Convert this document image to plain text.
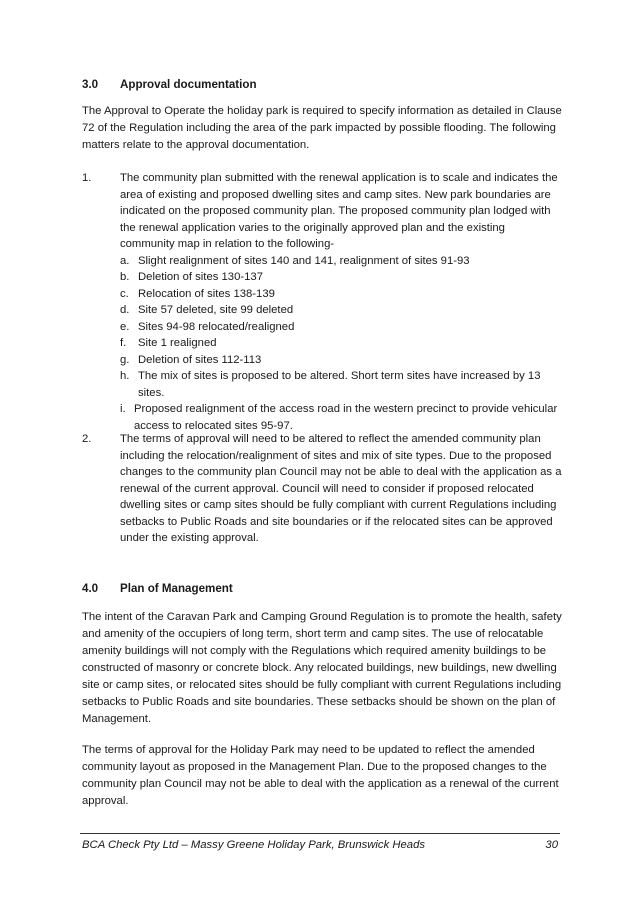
3.0 Approval documentation
The Approval to Operate the holiday park is required to specify information as detailed in Clause 72 of the Regulation including the area of the park impacted by possible flooding. The following matters relate to the approval documentation.
1.	The community plan submitted with the renewal application is to scale and indicates the area of existing and proposed dwelling sites and camp sites. New park boundaries are indicated on the proposed community plan. The proposed community plan lodged with the renewal application varies to the originally approved plan and the existing community map in relation to the following-
a. Slight realignment of sites 140 and 141, realignment of sites 91-93
b. Deletion of sites 130-137
c. Relocation of sites 138-139
d. Site 57 deleted, site 99 deleted
e. Sites 94-98 relocated/realigned
f. Site 1 realigned
g. Deletion of sites 112-113
h. The mix of sites is proposed to be altered. Short term sites have increased by 13 sites.
i. Proposed realignment of the access road in the western precinct to provide vehicular access to relocated sites 95-97.
2.	The terms of approval will need to be altered to reflect the amended community plan including the relocation/realignment of sites and mix of site types. Due to the proposed changes to the community plan Council may not be able to deal with the application as a renewal of the current approval. Council will need to consider if proposed relocated dwelling sites or camp sites should be fully compliant with current Regulations including setbacks to Public Roads and site boundaries or if the relocated sites can be approved under the existing approval.
4.0 Plan of Management
The intent of the Caravan Park and Camping Ground Regulation is to promote the health, safety and amenity of the occupiers of long term, short term and camp sites. The use of relocatable amenity buildings will not comply with the Regulations which required amenity buildings to be constructed of masonry or concrete block. Any relocated buildings, new buildings, new dwelling site or camp sites, or relocated sites should be fully compliant with current Regulations including setbacks to Public Roads and site boundaries. These setbacks should be shown on the plan of Management.
The terms of approval for the Holiday Park may need to be updated to reflect the amended community layout as proposed in the Management Plan. Due to the proposed changes to the community plan Council may not be able to deal with the application as a renewal of the current approval.
BCA Check Pty Ltd – Massy Greene Holiday Park, Brunswick Heads	30
